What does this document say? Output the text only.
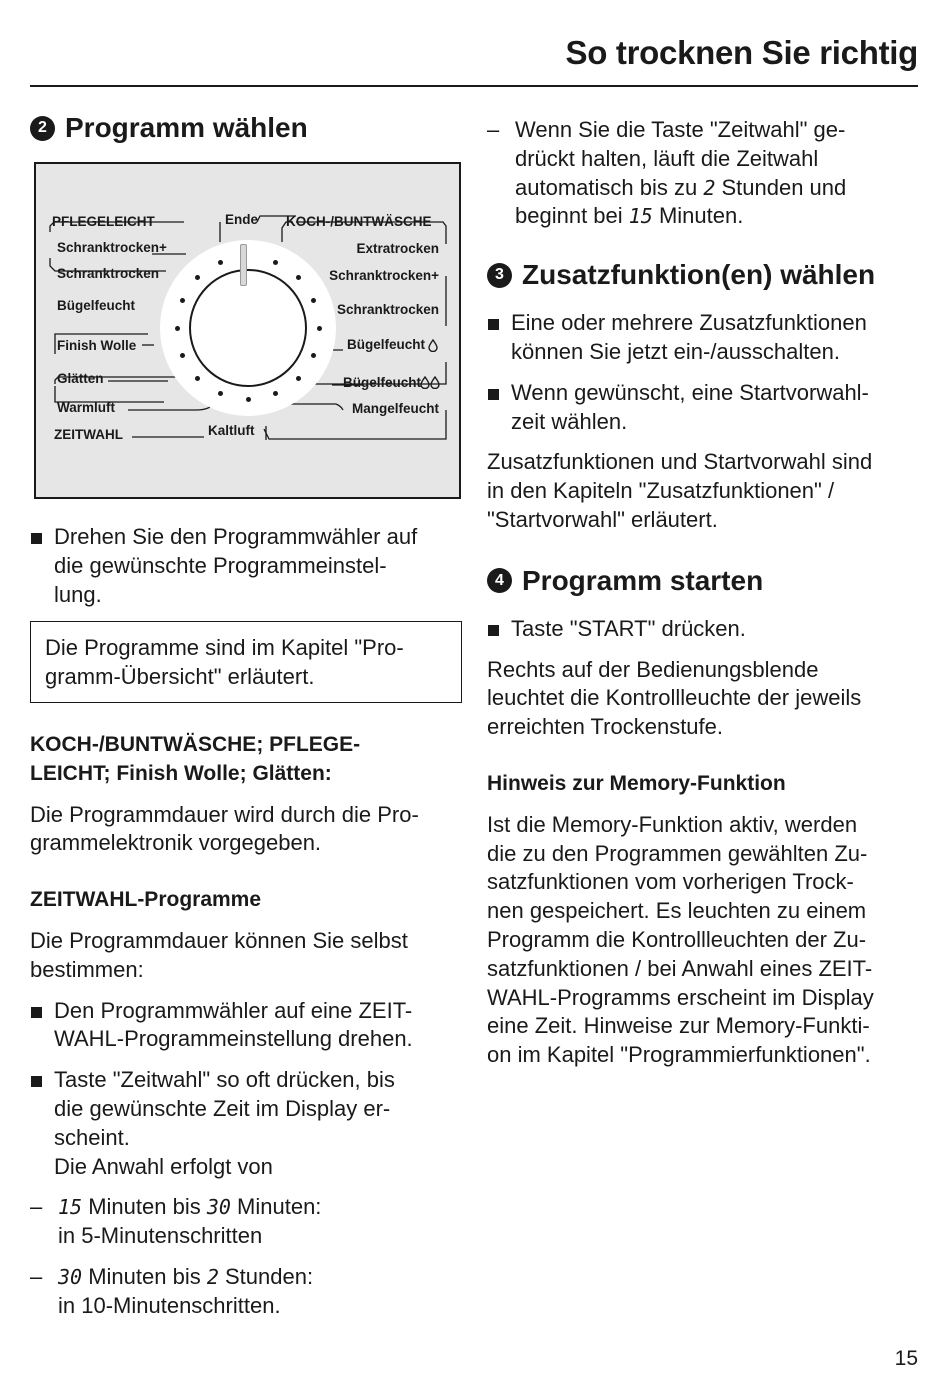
So trocknen Sie richtig
2 Programm wählen
PFLEGELEICHT	Ende KOCH-/BUNTWÄSCHE
Schranktrocken+
Schranktrocken
Bügelfeucht
Finish Wolle
Glätten
Warmluft
ZEITWAHL	Kaltluft
Extratrocken
Schranktrocken+
Schranktrocken
Bügelfeucht
Bügelfeucht
Mangelfeucht
Drehen Sie den Programmwähler auf
die gewünschte Programmeinstel-
lung.
Die Programme sind im Kapitel "Pro-
gramm-Übersicht" erläutert.
KOCH-/BUNTWÄSCHE; PFLEGE-
LEICHT; Finish Wolle; Glätten:

Die Programmdauer wird durch die Pro-
grammelektronik vorgegeben.

ZEITWAHL-Programme

Die Programmdauer können Sie selbst
bestimmen:

Den Programmwähler auf eine ZEIT-
WAHL-Programmeinstellung drehen.
Taste "Zeitwahl" so oft drücken, bis
die gewünschte Zeit im Display er-
scheint.
Die Anwahl erfolgt von
– 15 Minuten bis 30 Minuten:
in 5-Minutenschritten
– 30 Minuten bis 2 Stunden:
in 10-Minutenschritten.
– Wenn Sie die Taste "Zeitwahl" ge-
drückt halten, läuft die Zeitwahl
automatisch bis zu 2 Stunden und
beginnt bei 15 Minuten.
3 Zusatzfunktion(en) wählen
Eine oder mehrere Zusatzfunktionen
können Sie jetzt ein-/ausschalten.
Wenn gewünscht, eine Startvorwahl-
zeit wählen.

Zusatzfunktionen und Startvorwahl sind
in den Kapiteln "Zusatzfunktionen" /
"Startvorwahl" erläutert.

4 Programm starten
Taste "START" drücken.

Rechts auf der Bedienungsblende
leuchtet die Kontrollleuchte der jeweils
erreichten Trockenstufe.

Hinweis zur Memory-Funktion

Ist die Memory-Funktion aktiv, werden
die zu den Programmen gewählten Zu-
satzfunktionen vom vorherigen Trock-
nen gespeichert. Es leuchten zu einem
Programm die Kontrollleuchten der Zu-
satzfunktionen / bei Anwahl eines ZEIT-
WAHL-Programms erscheint im Display
eine Zeit. Hinweise zur Memory-Funkti-
on im Kapitel "Programmierfunktionen".

15
